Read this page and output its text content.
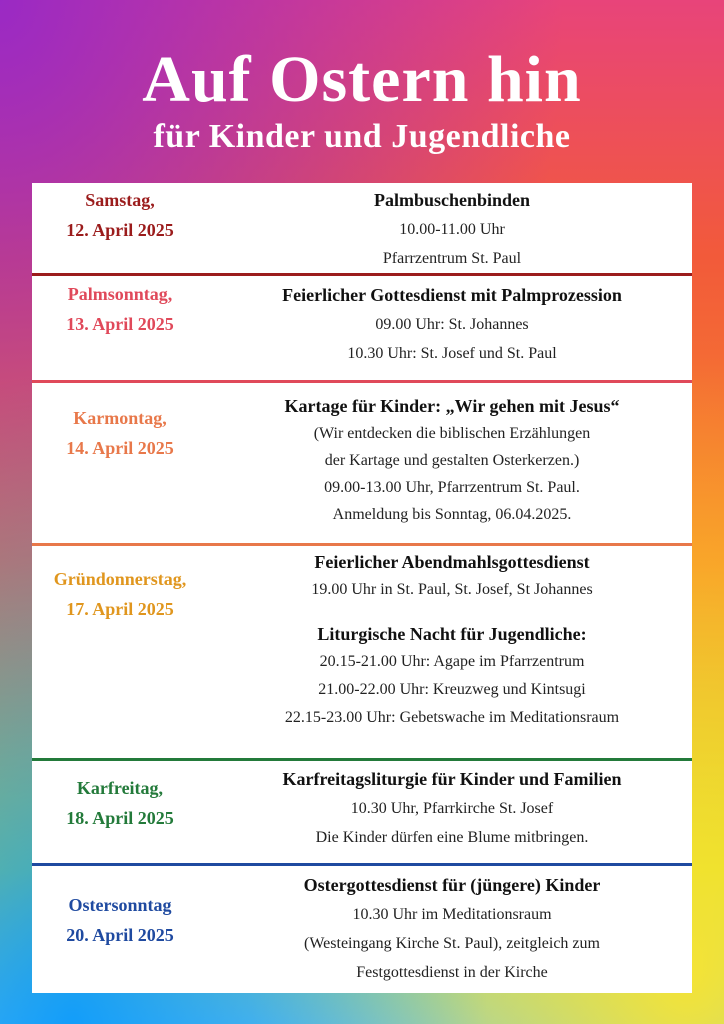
Auf Ostern hin
für Kinder und Jugendliche
Samstag,
12. April 2025
Palmbuschenbinden
10.00-11.00 Uhr
Pfarrzentrum St. Paul
Palmsonntag,
13. April 2025
Feierlicher Gottesdienst mit Palmprozession
09.00 Uhr: St. Johannes
10.30 Uhr: St. Josef und St. Paul
Karmontag,
14. April 2025
Kartage für Kinder: „Wir gehen mit Jesus“
(Wir entdecken die biblischen Erzählungen
der Kartage und gestalten Osterkerzen.)
09.00-13.00 Uhr, Pfarrzentrum St. Paul.
Anmeldung bis Sonntag, 06.04.2025.
Gründonnerstag,
17. April 2025
Feierlicher Abendmahlsgottesdienst
19.00 Uhr in St. Paul, St. Josef, St Johannes
Liturgische Nacht für Jugendliche:
20.15-21.00 Uhr: Agape im Pfarrzentrum
21.00-22.00 Uhr: Kreuzweg und Kintsugi
22.15-23.00 Uhr: Gebetswache im Meditationsraum
Karfreitag,
18. April 2025
Karfreitagsliturgie für Kinder und Familien
10.30 Uhr, Pfarrkirche St. Josef
Die Kinder dürfen eine Blume mitbringen.
Ostersonntag
20. April 2025
Ostergottesdienst für (jüngere) Kinder
10.30 Uhr im Meditationsraum
(Westeingang Kirche St. Paul), zeitgleich zum
Festgottesdienst in der Kirche
